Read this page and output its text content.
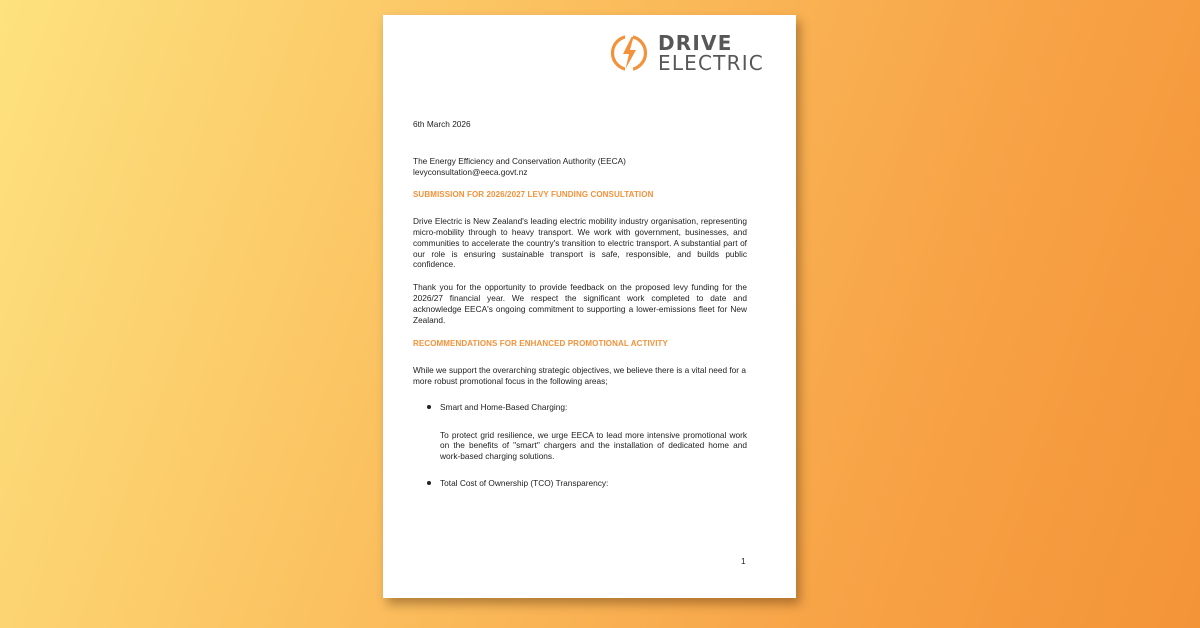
DRIVE
ELECTRIC

6th March 2026

The Energy Efficiency and Conservation Authority (EECA)

levyconsultation@eeca.govt.nz

SUBMISSION FOR 2026/2027 LEVY FUNDING CONSULTATION

Drive Electric is New Zealand's leading electric mobility industry organisation, representing micro-mobility through to heavy transport. We work with government, businesses, and communities to accelerate the country's transition to electric transport. A substantial part of our role is ensuring sustainable transport is safe, responsible, and builds public confidence.

Thank you for the opportunity to provide feedback on the proposed levy funding for the 2026/27 financial year. We respect the significant work completed to date and acknowledge EECA's ongoing commitment to supporting a lower-emissions fleet for New Zealand.

RECOMMENDATIONS FOR ENHANCED PROMOTIONAL ACTIVITY

While we support the overarching strategic objectives, we believe there is a vital need for a more robust promotional focus in the following areas;

Smart and Home-Based Charging:

To protect grid resilience, we urge EECA to lead more intensive promotional work on the benefits of "smart" chargers and the installation of dedicated home and work-based charging solutions.

Total Cost of Ownership (TCO) Transparency:

1
